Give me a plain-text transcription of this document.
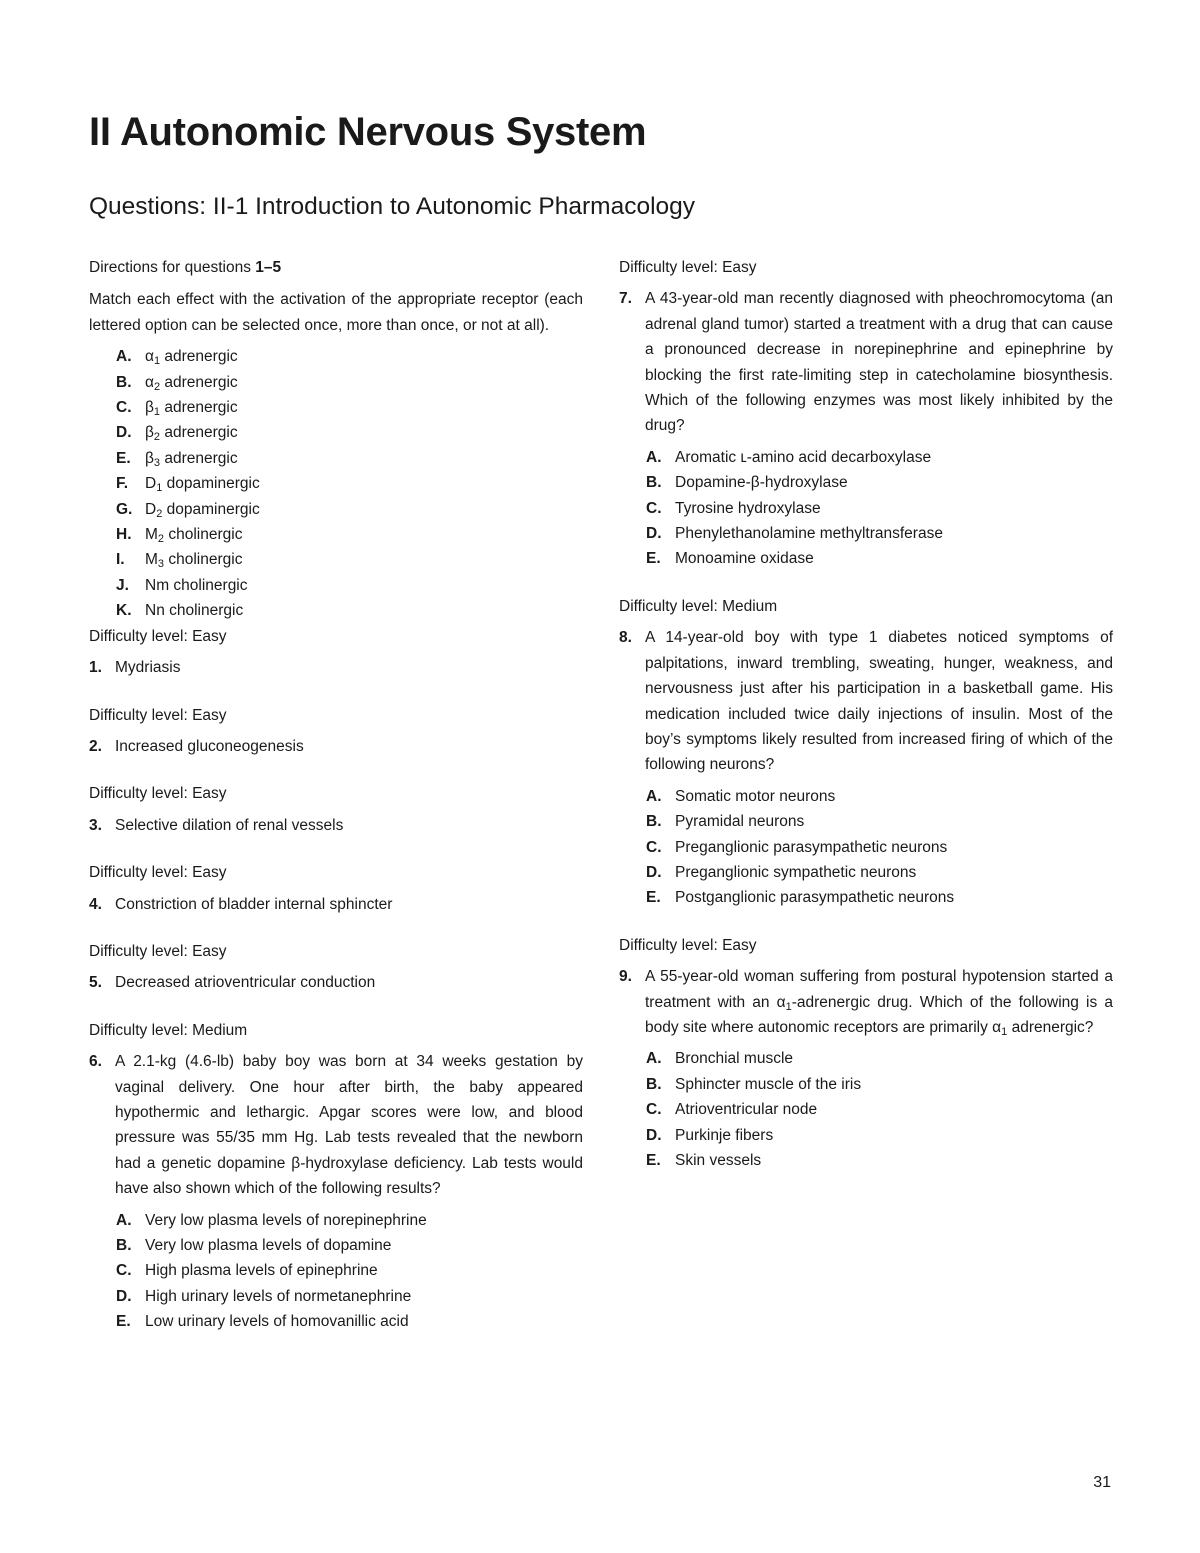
II Autonomic Nervous System
Questions: II-1 Introduction to Autonomic Pharmacology

Directions for questions 1–5

Match each effect with the activation of the appropriate receptor (each lettered option can be selected once, more than once, or not at all).

A. $\alpha_1$ adrenergic
B. $\alpha_2$ adrenergic
C. $\beta_1$ adrenergic
D. $\beta_2$ adrenergic
E. $\beta_3$ adrenergic
F.	$D_1$ dopaminergic
G. $D_2$ dopaminergic
H. $M_2$ cholinergic
I.	$M_3$ cholinergic
J.	Nm cholinergic
K. Nn cholinergic

Difficulty level: Easy

1. Mydriasis

Difficulty level: Easy

2. Increased gluconeogenesis

Difficulty level: Easy

3. Selective dilation of renal vessels

Difficulty level: Easy

4. Constriction of bladder internal sphincter

Difficulty level: Easy

5. Decreased atrioventricular conduction

Difficulty level: Medium

6. A 2.1-kg (4.6-lb) baby boy was born at 34 weeks gestation by vaginal delivery. One hour after birth, the baby appeared hypothermic and lethargic. Apgar scores were low, and blood pressure was 55/35 mm Hg. Lab tests revealed that the newborn had a genetic dopamine β-hydroxylase deficiency. Lab tests would have also shown which of the following results?
A. Very low plasma levels of norepinephrine
B. Very low plasma levels of dopamine
C. High plasma levels of epinephrine
D. High urinary levels of normetanephrine
E. Low urinary levels of homovanillic acid

Difficulty level: Easy

7. A 43-year-old man recently diagnosed with pheochromocytoma (an adrenal gland tumor) started a treatment with a drug that can cause a pronounced decrease in norepinephrine and epinephrine by blocking the first rate-limiting step in catecholamine biosynthesis. Which of the following enzymes was most likely inhibited by the drug?
A. Aromatic ʟ-amino acid decarboxylase
B. Dopamine-β-hydroxylase
C. Tyrosine hydroxylase
D. Phenylethanolamine methyltransferase
E. Monoamine oxidase

Difficulty level: Medium

8. A 14-year-old boy with type 1 diabetes noticed symptoms of palpitations, inward trembling, sweating, hunger, weakness, and nervousness just after his participation in a basketball game. His medication included twice daily injections of insulin. Most of the boy’s symptoms likely resulted from increased firing of which of the following neurons?
A. Somatic motor neurons
B. Pyramidal neurons
C. Preganglionic parasympathetic neurons
D. Preganglionic sympathetic neurons
E. Postganglionic parasympathetic neurons

Difficulty level: Easy

9. A 55-year-old woman suffering from postural hypotension started a treatment with an $\alpha_1$-adrenergic drug. Which of the following is a body site where autonomic receptors are primarily $\alpha_1$ adrenergic?
A. Bronchial muscle
B. Sphincter muscle of the iris
C. Atrioventricular node
D. Purkinje fibers
E. Skin vessels
31
